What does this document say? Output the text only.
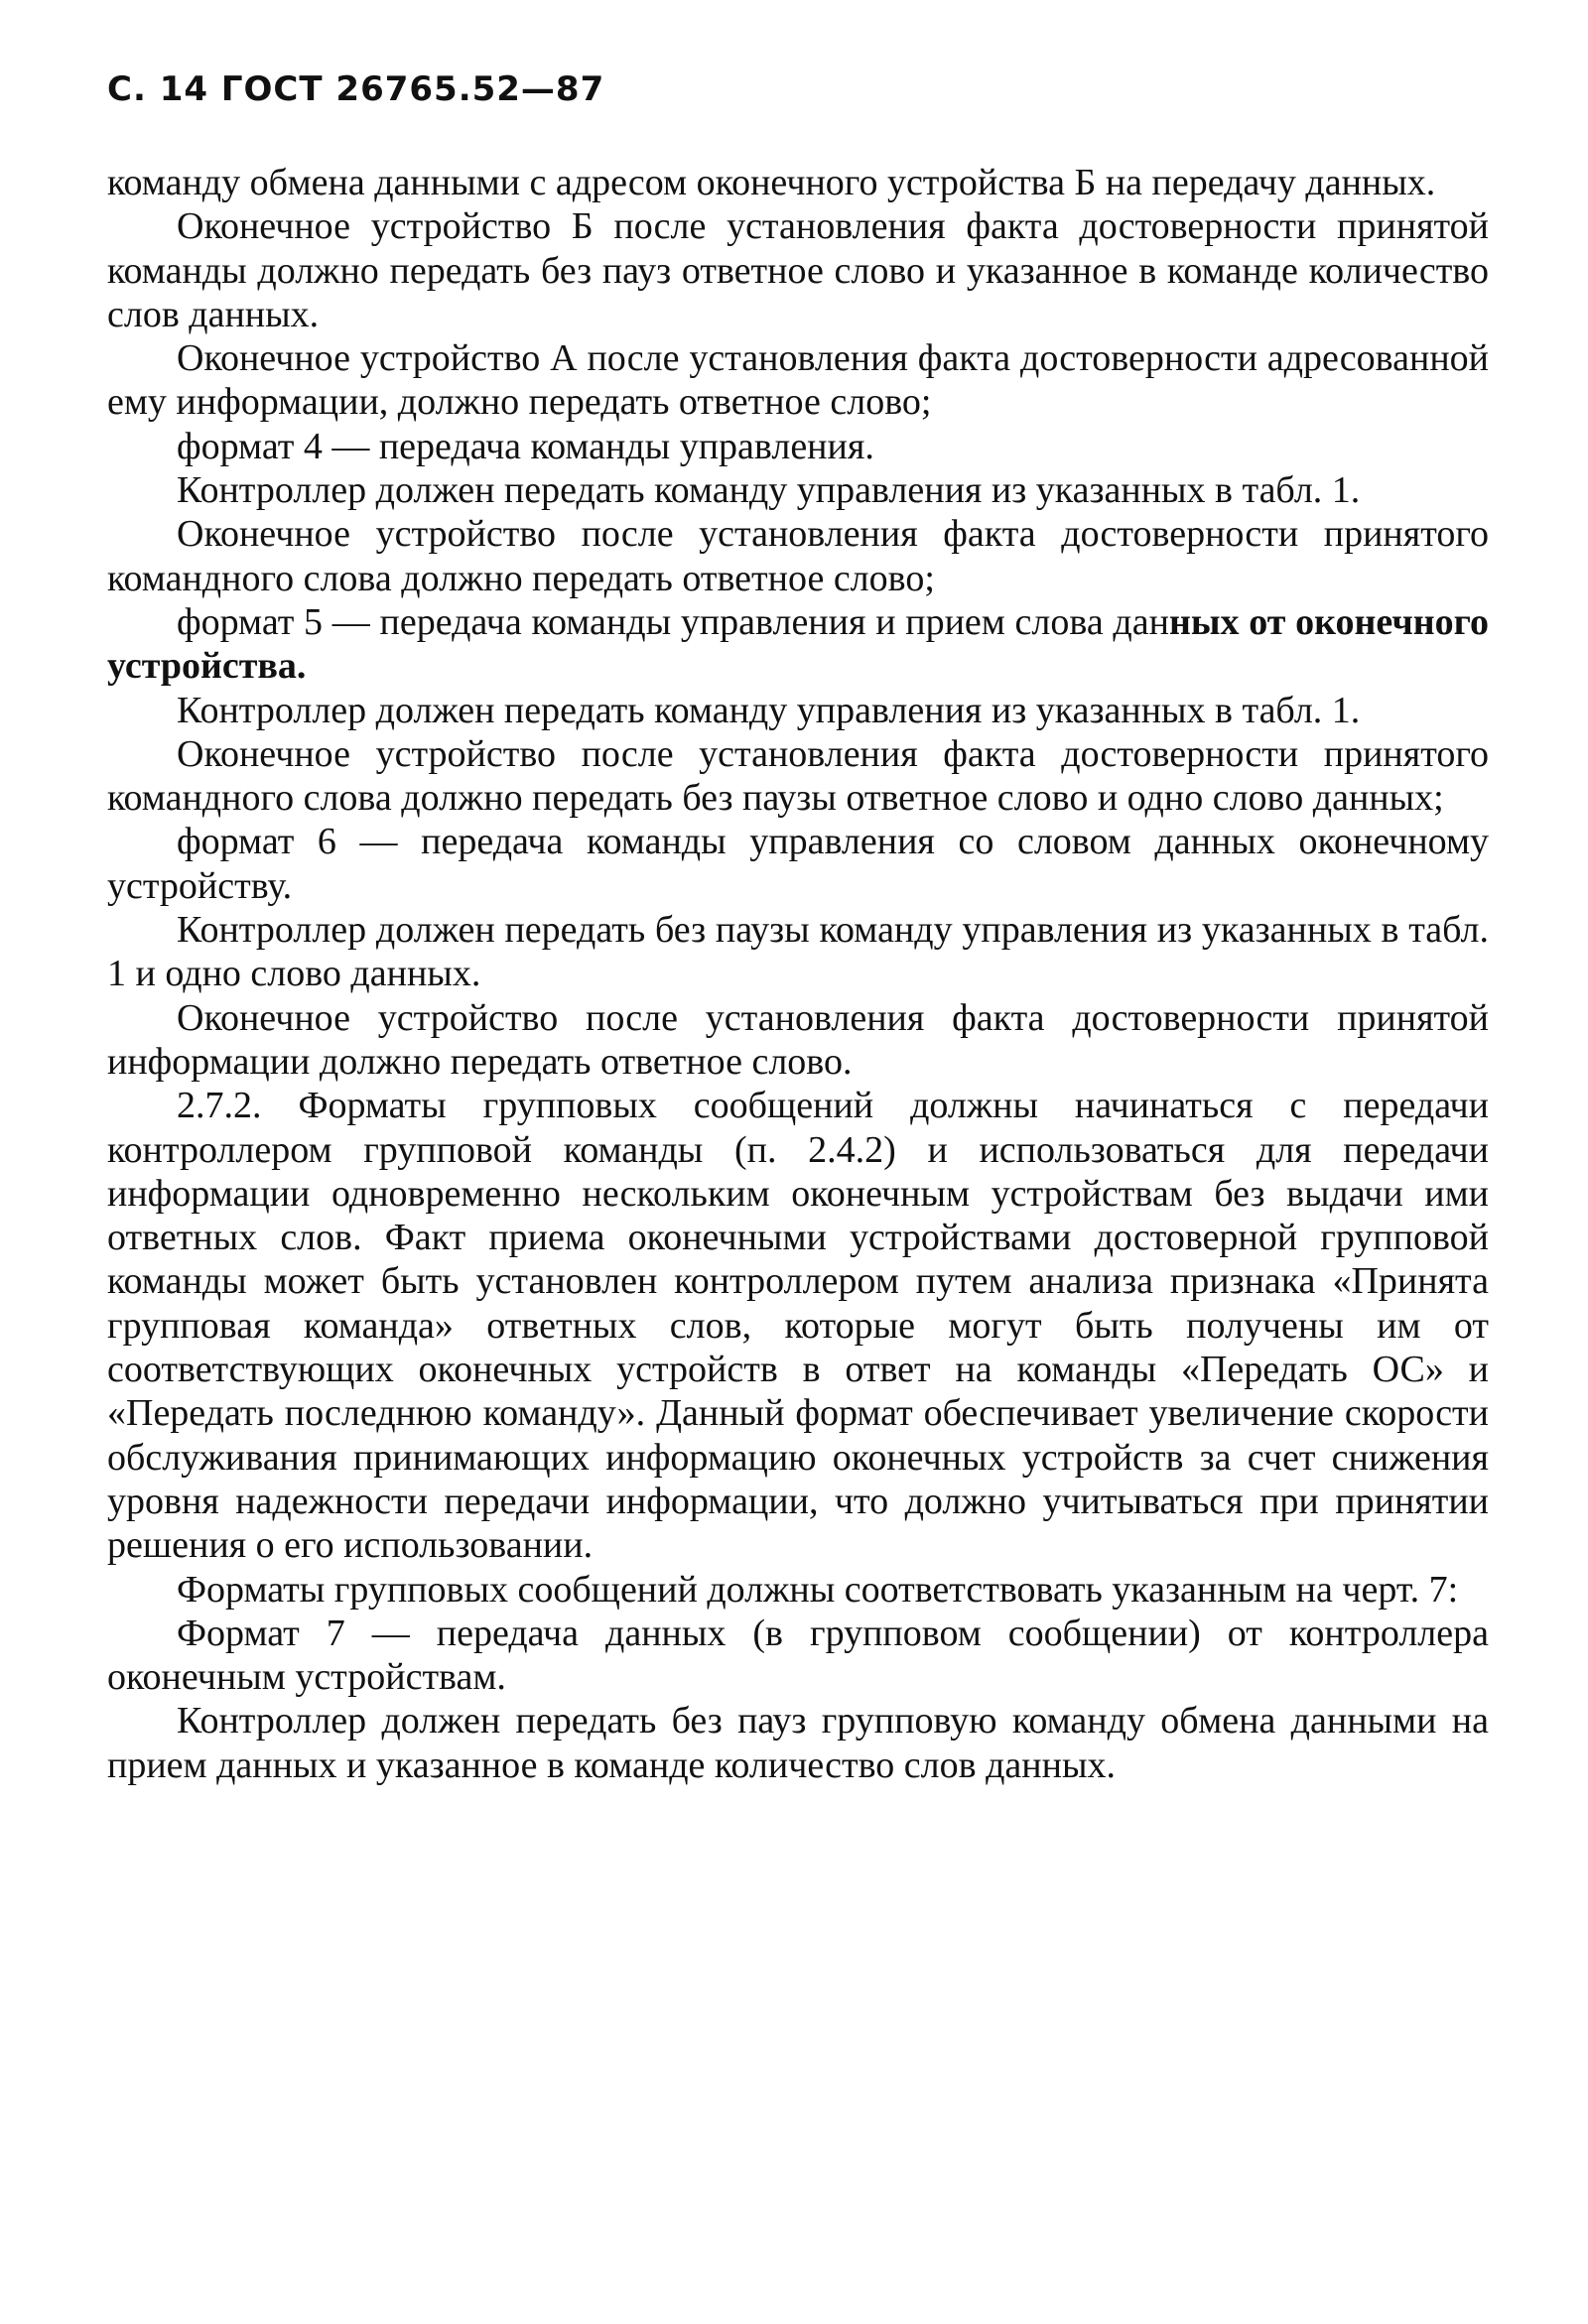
С. 14 ГОСТ 26765.52—87

команду обмена данными с адресом оконечного устройства Б на передачу данных.

Оконечное устройство Б после установления факта достоверности принятой команды должно передать без пауз ответное слово и указанное в команде количество слов данных.

Оконечное устройство А после установления факта достоверности адресованной ему информации, должно передать ответное слово;

формат 4 — передача команды управления.

Контроллер должен передать команду управления из указанных в табл. 1.

Оконечное устройство после установления факта достоверности принятого командного слова должно передать ответное слово;

формат 5 — передача команды управления и прием слова данных от оконечного устройства.

Контроллер должен передать команду управления из указанных в табл. 1.

Оконечное устройство после установления факта достоверности принятого командного слова должно передать без паузы ответное слово и одно слово данных;

формат 6 — передача команды управления со словом данных оконечному устройству.

Контроллер должен передать без паузы команду управления из указанных в табл. 1 и одно слово данных.

Оконечное устройство после установления факта достоверности принятой информации должно передать ответное слово.

2.7.2. Форматы групповых сообщений должны начинаться с передачи контроллером групповой команды (п. 2.4.2) и использоваться для передачи информации одновременно нескольким оконечным устройствам без выдачи ими ответных слов. Факт приема оконечными устройствами достоверной групповой команды может быть установлен контроллером путем анализа признака «Принята групповая команда» ответных слов, которые могут быть получены им от соответствующих оконечных устройств в ответ на команды «Передать ОС» и «Передать последнюю команду». Данный формат обеспечивает увеличение скорости обслуживания принимающих информацию оконечных устройств за счет снижения уровня надежности передачи информации, что должно учитываться при принятии решения о его использовании.

Форматы групповых сообщений должны соответствовать указанным на черт. 7:

Формат 7 — передача данных (в групповом сообщении) от контроллера оконечным устройствам.

Контроллер должен передать без пауз групповую команду обмена данными на прием данных и указанное в команде количество слов данных.
